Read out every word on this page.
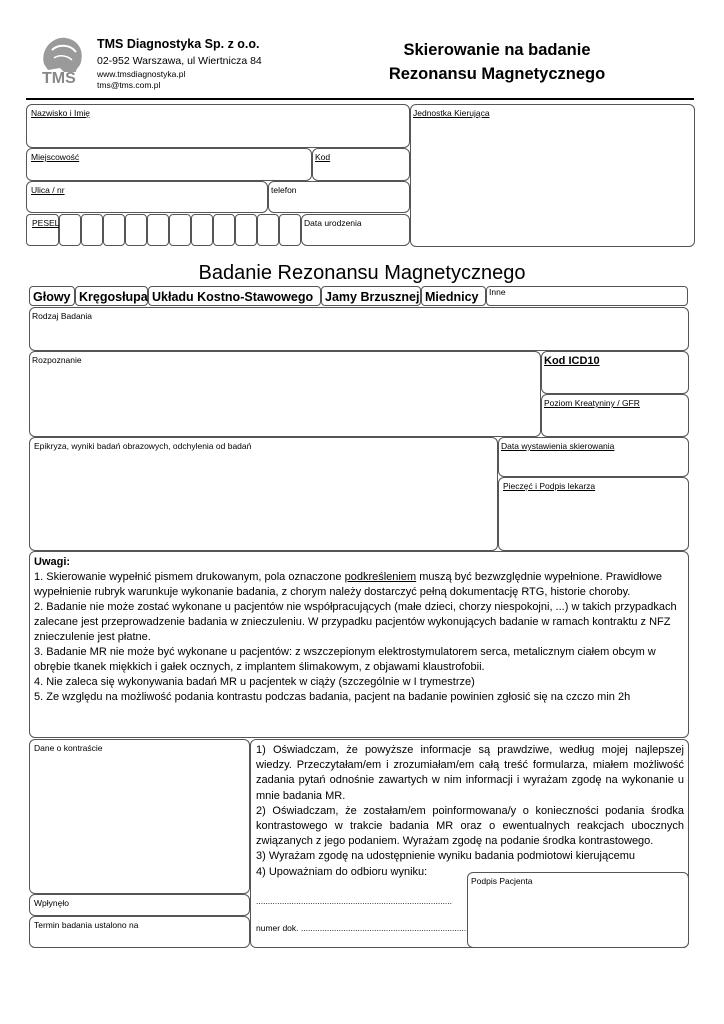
TMS
TMS Diagnostyka Sp. z o.o.
02-952 Warszawa, ul Wiertnicza 84
www.tmsdiagnostyka.pl
tms@tms.com.pl
Skierowanie na badanie
Rezonansu Magnetycznego
Nazwisko i Imię	Jednostka Kierująca
Miejscowość	Kod
Ulica / nr	telefon
PESEL	Data urodzenia
Badanie Rezonansu Magnetycznego
Głowy Kręgosłupa Układu Kostno-Stawowego Jamy Brzusznej Miednicy	Inne
Rodzaj Badania
Rozpoznanie	Kod ICD10
Poziom Kreatyniny / GFR
Epikryza, wyniki badań obrazowych, odchylenia od badań	Data wystawienia skierowania
Pieczęć i Podpis lekarza
Uwagi:
1. Skierowanie wypełnić pismem drukowanym, pola oznaczone podkreśleniem muszą być bezwzględnie wypełnione. Prawidłowe wypełnienie rubryk warunkuje wykonanie badania, z chorym należy dostarczyć pełną dokumentację RTG, historie choroby.
2. Badanie nie może zostać wykonane u pacjentów nie współpracujących (małe dzieci, chorzy niespokojni, ...) w takich przypadkach zalecane jest przeprowadzenie badania w znieczuleniu. W przypadku pacjentów wykonujących badanie w ramach kontraktu z NFZ znieczulenie jest płatne.
3. Badanie MR nie może być wykonane u pacjentów: z wszczepionym elektrostymulatorem serca, metalicznym ciałem obcym w obrębie tkanek miękkich i gałek ocznych, z implantem ślimakowym, z objawami klaustrofobii.
4. Nie zaleca się wykonywania badań MR u pacjentek w ciąży (szczególnie w I trymestrze)
5. Ze względu na możliwość podania kontrastu podczas badania, pacjent na badanie powinien zgłosić się na czczo min 2h
Dane o kontraście
Wpłynęło
Termin badania ustalono na
1) Oświadczam, że powyższe informacje są prawdziwe, według mojej najlepszej wiedzy. Przeczytałam/em i zrozumiałam/em całą treść formularza, miałem możliwość zadania pytań odnośnie zawartych w nim informacji i wyrażam zgodę na wykonanie u mnie badania MR.
2) Oświadczam, że zostałam/em poinformowana/y o konieczności podania środka kontrastowego w trakcie badania MR oraz o ewentualnych reakcjach ubocznych związanych z jego podaniem. Wyrażam zgodę na podanie środka kontrastowego.
3) Wyrażam zgodę na udostępnienie wyniku badania podmiotowi kierującemu
4) Upoważniam do odbioru wyniku:
...................................................................................
numer dok. ......................................................................
Podpis Pacjenta
